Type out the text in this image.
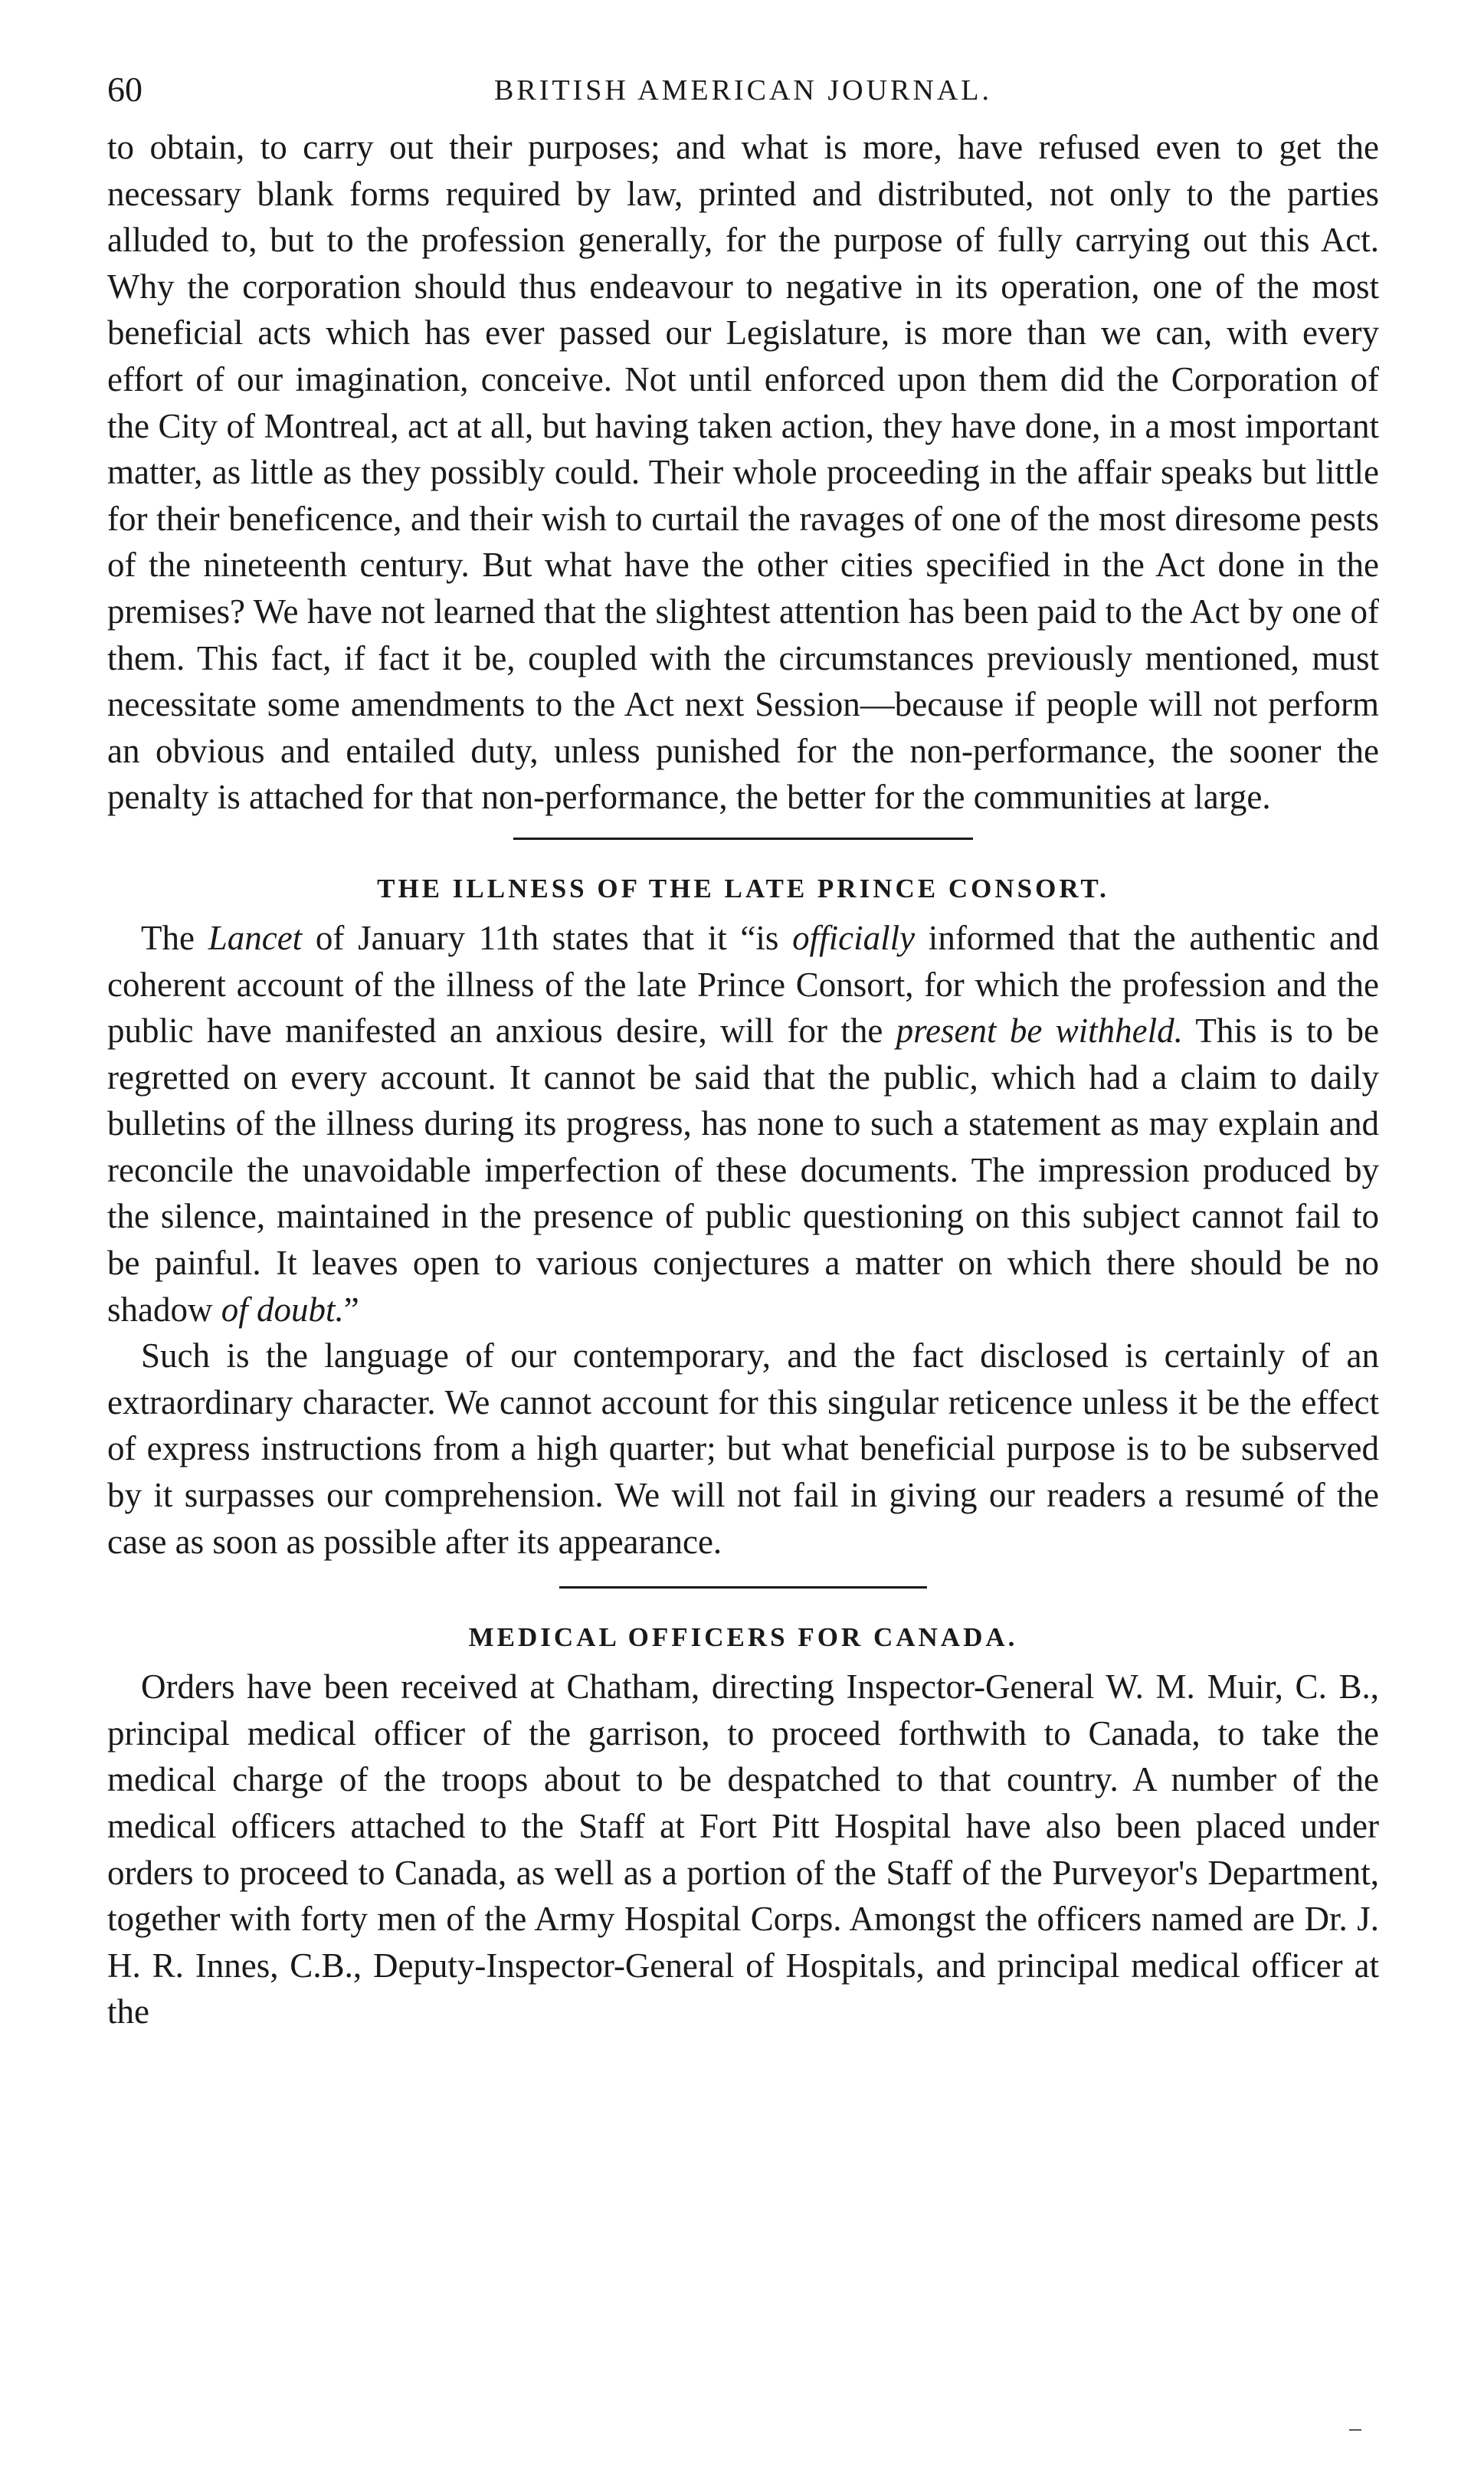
60	BRITISH AMERICAN JOURNAL.

to obtain, to carry out their purposes; and what is more, have refused even to get the necessary blank forms required by law, printed and distributed, not only to the parties alluded to, but to the profession generally, for the purpose of fully carrying out this Act. Why the corporation should thus endeavour to negative in its operation, one of the most beneficial acts which has ever passed our Legislature, is more than we can, with every effort of our imagination, conceive. Not until enforced upon them did the Corporation of the City of Montreal, act at all, but having taken action, they have done, in a most important matter, as little as they possibly could. Their whole proceeding in the affair speaks but little for their beneficence, and their wish to curtail the ravages of one of the most diresome pests of the nineteenth century. But what have the other cities specified in the Act done in the premises? We have not learned that the slightest attention has been paid to the Act by one of them. This fact, if fact it be, coupled with the circumstances previously mentioned, must necessitate some amendments to the Act next Session—because if people will not perform an obvious and entailed duty, unless punished for the non-performance, the sooner the penalty is attached for that non-performance, the better for the communities at large.

THE ILLNESS OF THE LATE PRINCE CONSORT.

The Lancet of January 11th states that it “is officially informed that the authentic and coherent account of the illness of the late Prince Consort, for which the profession and the public have manifested an anxious desire, will for the present be withheld. This is to be regretted on every account. It cannot be said that the public, which had a claim to daily bulletins of the illness during its progress, has none to such a statement as may explain and reconcile the unavoidable imperfection of these documents. The impression produced by the silence, maintained in the presence of public questioning on this subject cannot fail to be painful. It leaves open to various conjectures a matter on which there should be no shadow of doubt.”

Such is the language of our contemporary, and the fact disclosed is certainly of an extraordinary character. We cannot account for this singular reticence unless it be the effect of express instructions from a high quarter; but what beneficial purpose is to be subserved by it surpasses our comprehension. We will not fail in giving our readers a resumé of the case as soon as possible after its appearance.

MEDICAL OFFICERS FOR CANADA.

Orders have been received at Chatham, directing Inspector-General W. M. Muir, C. B., principal medical officer of the garrison, to proceed forthwith to Canada, to take the medical charge of the troops about to be despatched to that country. A number of the medical officers attached to the Staff at Fort Pitt Hospital have also been placed under orders to proceed to Canada, as well as a portion of the Staff of the Purveyor's Department, together with forty men of the Army Hospital Corps. Amongst the officers named are Dr. J. H. R. Innes, C.B., Deputy-Inspector-General of Hospitals, and principal medical officer at the
